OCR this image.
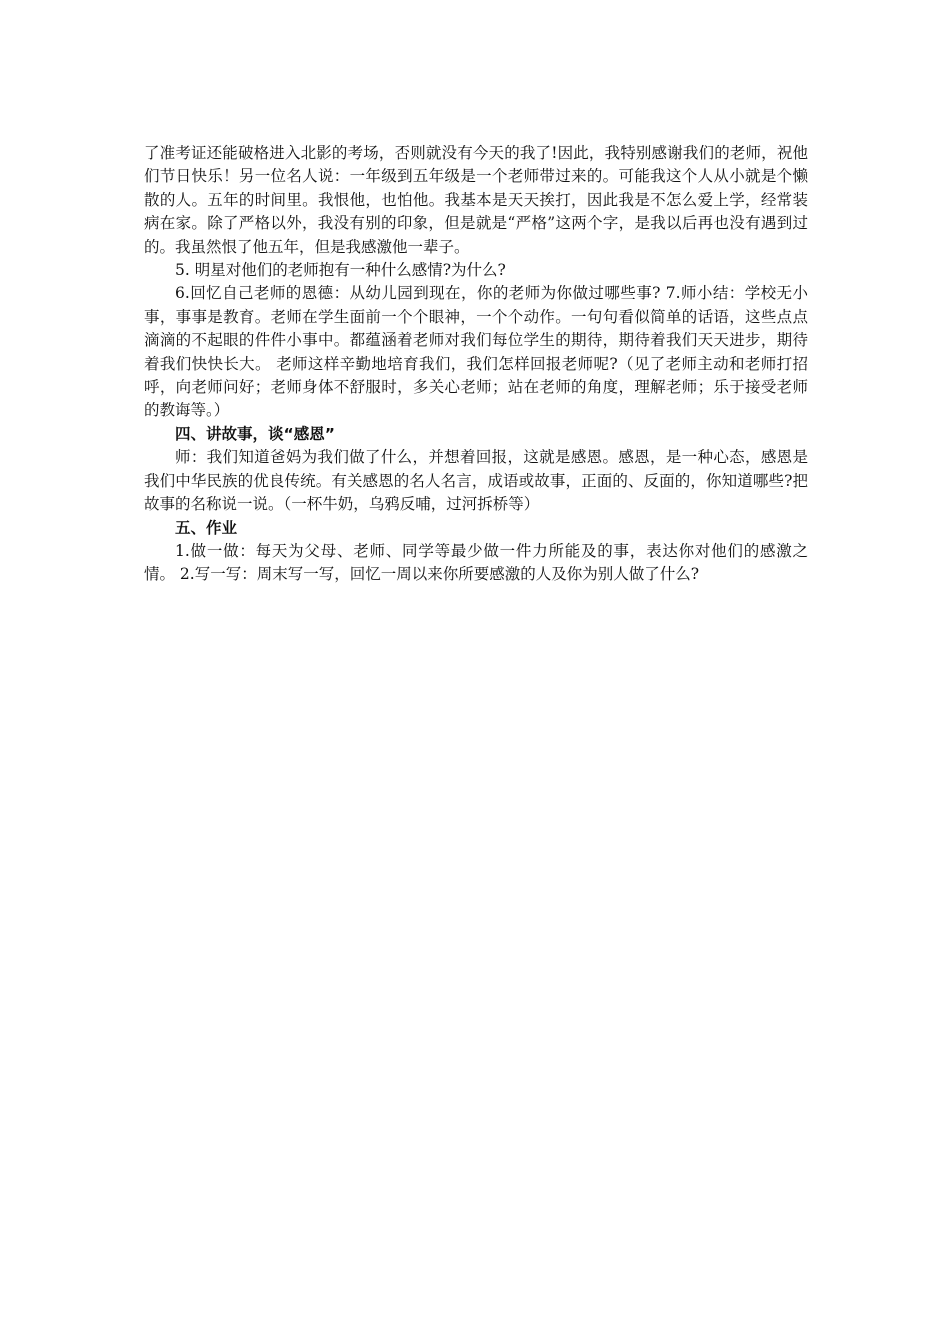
了准考证还能破格进入北影的考场，否则就没有今天的我了!因此，我特别感谢我们的老师，祝他们节日快乐！另一位名人说：一年级到五年级是一个老师带过来的。可能我这个人从小就是个懒散的人。五年的时间里。我恨他，也怕他。我基本是天天挨打，因此我是不怎么爱上学，经常装病在家。除了严格以外，我没有别的印象，但是就是“严格”这两个字，是我以后再也没有遇到过的。我虽然恨了他五年，但是我感激他一辈子。

5. 明星对他们的老师抱有一种什么感情?为什么?

6.回忆自己老师的恩德：从幼儿园到现在，你的老师为你做过哪些事? 7.师小结：学校无小事，事事是教育。老师在学生面前一个个眼神，一个个动作。一句句看似简单的话语，这些点点滴滴的不起眼的件件小事中。都蕴涵着老师对我们每位学生的期待，期待着我们天天进步，期待着我们快快长大。 老师这样辛勤地培育我们，我们怎样回报老师呢?（见了老师主动和老师打招呼，向老师问好；老师身体不舒服时，多关心老师；站在老师的角度，理解老师；乐于接受老师的教诲等。）

四、讲故事，谈“感恩”

师：我们知道爸妈为我们做了什么，并想着回报，这就是感恩。感恩，是一种心态，感恩是我们中华民族的优良传统。有关感恩的名人名言，成语或故事，正面的、反面的，你知道哪些?把故事的名称说一说。（一杯牛奶，乌鸦反哺，过河拆桥等）

五、作业

1.做一做：每天为父母、老师、同学等最少做一件力所能及的事，表达你对他们的感激之情。 2.写一写：周末写一写，回忆一周以来你所要感激的人及你为别人做了什么?
